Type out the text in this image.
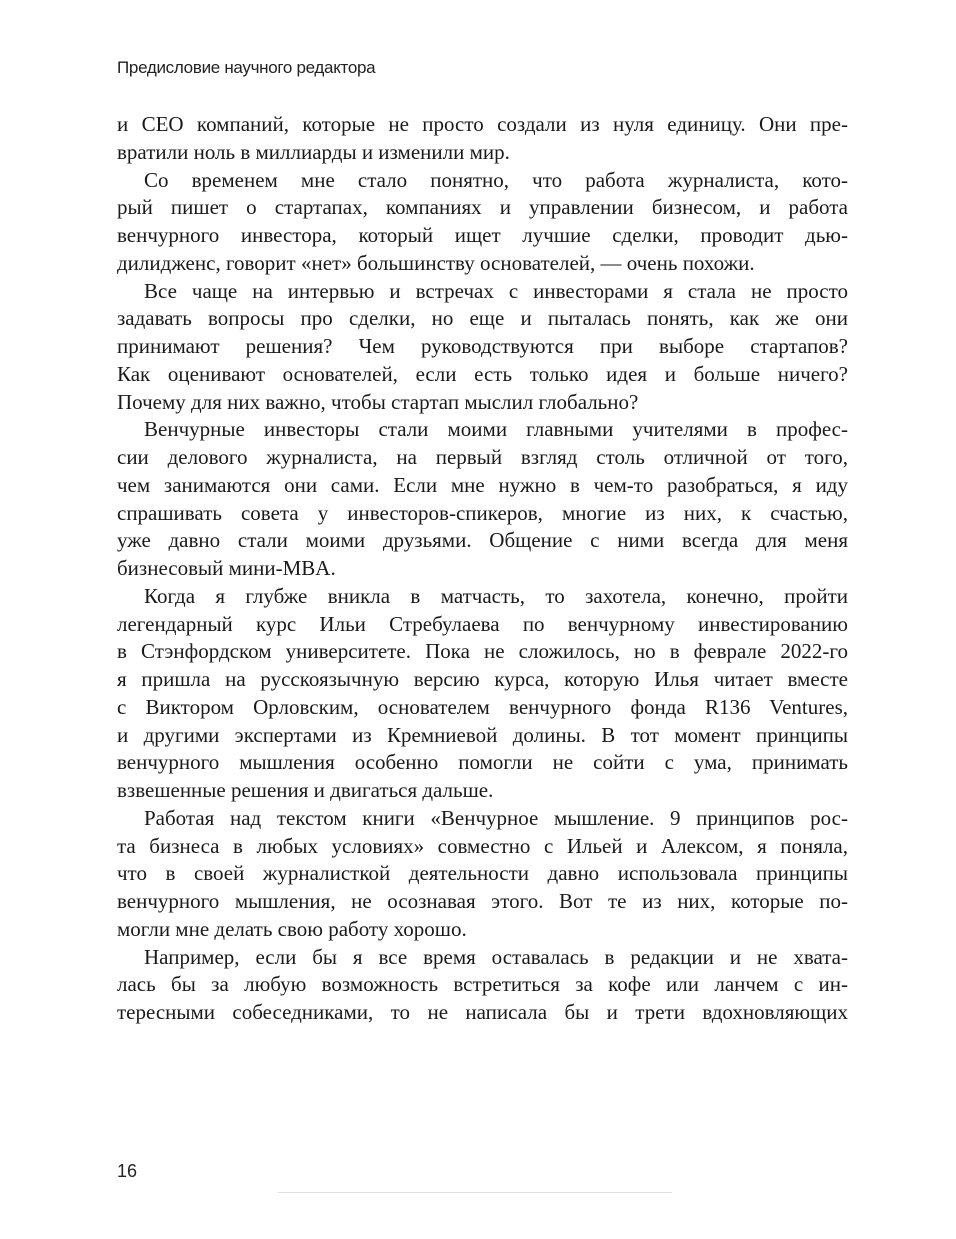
Предисловие научного редактора
и СЕО компаний, которые не просто создали из нуля единицу. Они пре-
вратили ноль в миллиарды и изменили мир.
Со временем мне стало понятно, что работа журналиста, кото-
рый пишет о стартапах, компаниях и управлении бизнесом, и работа
венчурного инвестора, который ищет лучшие сделки, проводит дью-
дилидженс, говорит «нет» большинству основателей, — очень похожи.
Все чаще на интервью и встречах с инвесторами я стала не просто
задавать вопросы про сделки, но еще и пыталась понять, как же они
принимают решения? Чем руководствуются при выборе стартапов?
Как оценивают основателей, если есть только идея и больше ничего?
Почему для них важно, чтобы стартап мыслил глобально?
Венчурные инвесторы стали моими главными учителями в профес-
сии делового журналиста, на первый взгляд столь отличной от того,
чем занимаются они сами. Если мне нужно в чем-то разобраться, я иду
спрашивать совета у инвесторов-спикеров, многие из них, к счастью,
уже давно стали моими друзьями. Общение с ними всегда для меня
бизнесовый мини-MBA.
Когда я глубже вникла в матчасть, то захотела, конечно, пройти
легендарный курс Ильи Стребулаева по венчурному инвестированию
в Стэнфордском университете. Пока не сложилось, но в феврале 2022-го
я пришла на русскоязычную версию курса, которую Илья читает вместе
с Виктором Орловским, основателем венчурного фонда R136 Ventures,
и другими экспертами из Кремниевой долины. В тот момент принципы
венчурного мышления особенно помогли не сойти с ума, принимать
взвешенные решения и двигаться дальше.
Работая над текстом книги «Венчурное мышление. 9 принципов рос-
та бизнеса в любых условиях» совместно с Ильей и Алексом, я поняла,
что в своей журналисткой деятельности давно использовала принципы
венчурного мышления, не осознавая этого. Вот те из них, которые по-
могли мне делать свою работу хорошо.
Например, если бы я все время оставалась в редакции и не хвата-
лась бы за любую возможность встретиться за кофе или ланчем с ин-
тересными собеседниками, то не написала бы и трети вдохновляющих
16
